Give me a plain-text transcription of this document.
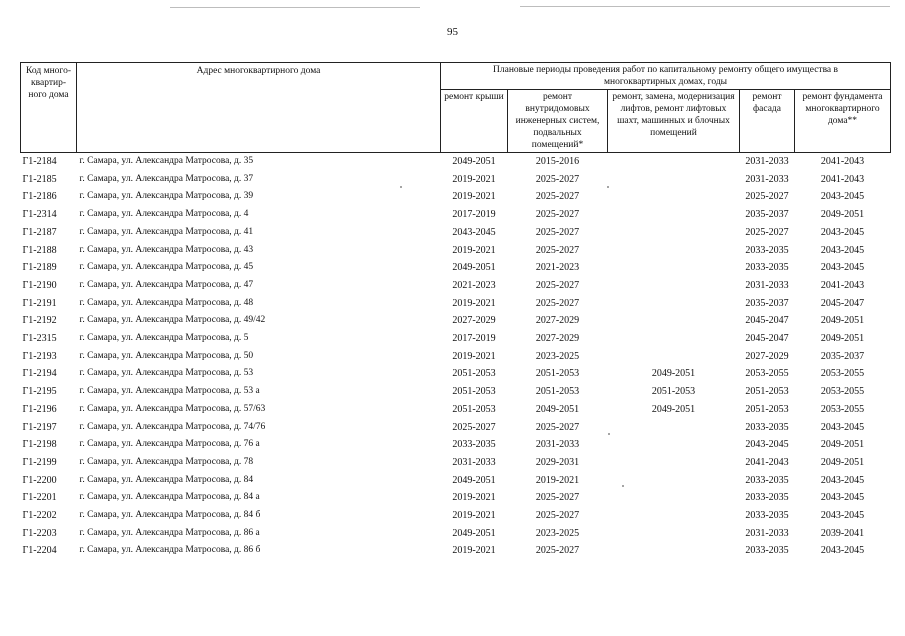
95
Код много-квартир-ного дома	Адрес многоквартирного дома	Плановые периоды проведения работ по капитальному ремонту общего имущества в многоквартирных домах, годы				
		ремонт крыши	ремонт внутридомовых инженерных систем, подвальных помещений*	ремонт, замена, модернизация лифтов, ремонт лифтовых шахт, машинных и блочных помещений	ремонт фасада	ремонт фундамента многоквартирного дома**
Г1-2184	г. Самара, ул. Александра Матросова, д. 35	2049-2051	2015-2016		2031-2033	2041-2043
Г1-2185	г. Самара, ул. Александра Матросова, д. 37	2019-2021	2025-2027		2031-2033	2041-2043
Г1-2186	г. Самара, ул. Александра Матросова, д. 39	2019-2021	2025-2027		2025-2027	2043-2045
Г1-2314	г. Самара, ул. Александра Матросова, д. 4	2017-2019	2025-2027		2035-2037	2049-2051
Г1-2187	г. Самара, ул. Александра Матросова, д. 41	2043-2045	2025-2027		2025-2027	2043-2045
Г1-2188	г. Самара, ул. Александра Матросова, д. 43	2019-2021	2025-2027		2033-2035	2043-2045
Г1-2189	г. Самара, ул. Александра Матросова, д. 45	2049-2051	2021-2023		2033-2035	2043-2045
Г1-2190	г. Самара, ул. Александра Матросова, д. 47	2021-2023	2025-2027		2031-2033	2041-2043
Г1-2191	г. Самара, ул. Александра Матросова, д. 48	2019-2021	2025-2027		2035-2037	2045-2047
Г1-2192	г. Самара, ул. Александра Матросова, д. 49/42	2027-2029	2027-2029		2045-2047	2049-2051
Г1-2315	г. Самара, ул. Александра Матросова, д. 5	2017-2019	2027-2029		2045-2047	2049-2051
Г1-2193	г. Самара, ул. Александра Матросова, д. 50	2019-2021	2023-2025		2027-2029	2035-2037
Г1-2194	г. Самара, ул. Александра Матросова, д. 53	2051-2053	2051-2053	2049-2051	2053-2055	2053-2055
Г1-2195	г. Самара, ул. Александра Матросова, д. 53 а	2051-2053	2051-2053	2051-2053	2051-2053	2053-2055
Г1-2196	г. Самара, ул. Александра Матросова, д. 57/63	2051-2053	2049-2051	2049-2051	2051-2053	2053-2055
Г1-2197	г. Самара, ул. Александра Матросова, д. 74/76	2025-2027	2025-2027		2033-2035	2043-2045
Г1-2198	г. Самара, ул. Александра Матросова, д. 76 а	2033-2035	2031-2033		2043-2045	2049-2051
Г1-2199	г. Самара, ул. Александра Матросова, д. 78	2031-2033	2029-2031		2041-2043	2049-2051
Г1-2200	г. Самара, ул. Александра Матросова, д. 84	2049-2051	2019-2021		2033-2035	2043-2045
Г1-2201	г. Самара, ул. Александра Матросова, д. 84 а	2019-2021	2025-2027		2033-2035	2043-2045
Г1-2202	г. Самара, ул. Александра Матросова, д. 84 б	2019-2021	2025-2027		2033-2035	2043-2045
Г1-2203	г. Самара, ул. Александра Матросова, д. 86 а	2049-2051	2023-2025		2031-2033	2039-2041
Г1-2204	г. Самара, ул. Александра Матросова, д. 86 б	2019-2021	2025-2027		2033-2035	2043-2045
